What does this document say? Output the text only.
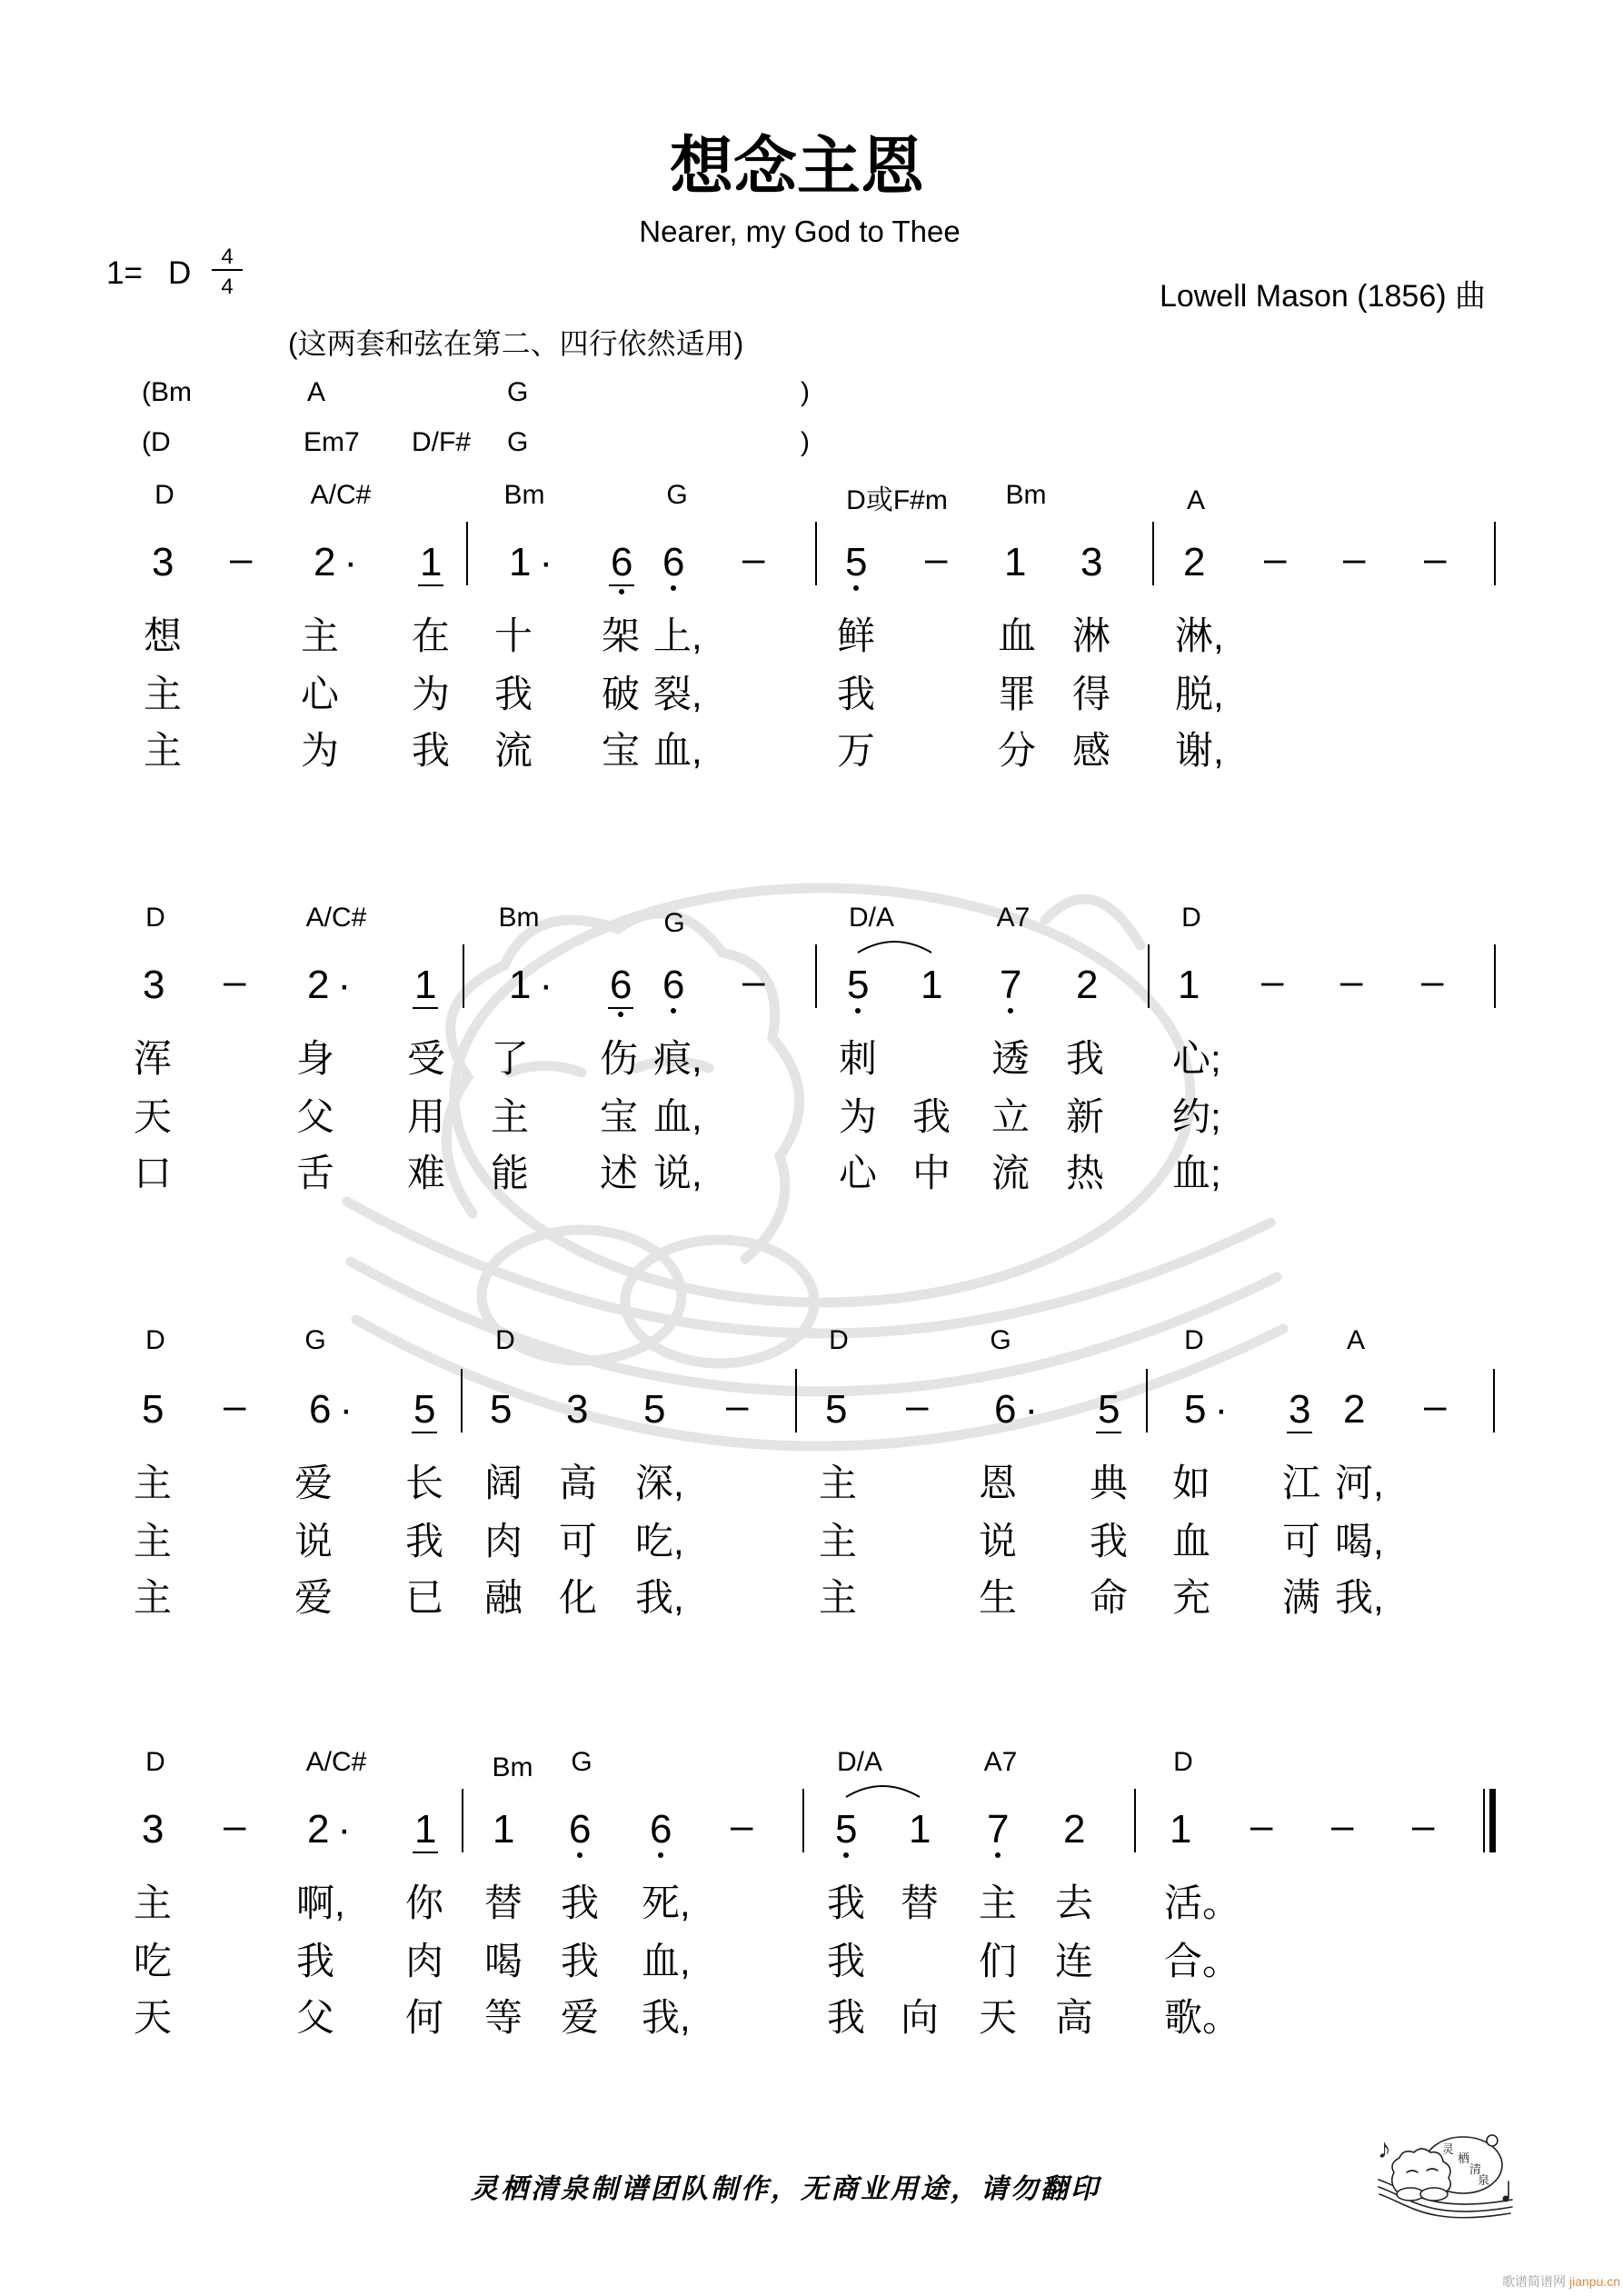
想念主恩
Nearer, my God to Thee
1= D	4
4	Lowell Mason (1856) 曲
(这两套和弦在第二、四行依然适用)
(Bm	A	G	)
(D	Em7 D/F# G	)
D	A/C#	Bm	G	D或F#m Bm	A
3 – 2· 1 1· 6 6 – 5 – 1 3 2 – – –
想	主 在 十 架 上,	鲜	血 淋 淋,
主	心 为 我 破 裂,	我	罪 得 脱,
主	为 我 流 宝 血,	万	分 感 谢,
D	A/C#	Bm	G	D/A	A7	D
3 – 2· 1 1· 6 6 – 5 1 7 2 1 – – –
浑	身 受 了 伤 痕,	刺	透 我 心;
天	父 用 主 宝 血,	为 我 立 新 约;
口	舌 难 能 述 说,	心 中 流 热 血;
D	G	D	D	G	D	A
5 – 6· 5 5 3 5 – 5 – 6· 5 5· 3 2 –
主	爱 长 阔 高 深,	主	恩 典 如 江 河,
主	说 我 肉 可 吃,	主	说 我 血 可 喝,
主	爱 已 融 化 我,	主	生 命 充 满 我,
D	A/C#	Bm G	D/A	A7	D
3 – 2· 1 1 6 6 – 5 1 7 2 1 – – –
主	啊, 你 替 我 死,	我 替 主 去 活。
吃	我 肉 喝 我 血,	我	们 连 合。
天	父 何 等 爱 我,	我 向 天 高 歌。
灵栖清泉制谱团队制作，无商业用途，请勿翻印
♪	灵
栖
清
泉
歌谱简谱网 jianpu.cn
